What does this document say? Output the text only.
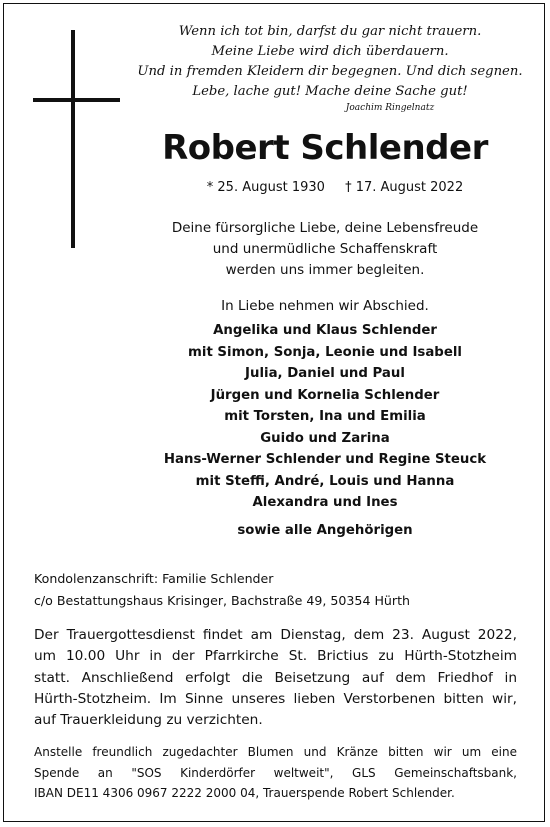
Wenn ich tot bin, darfst du gar nicht trauern.
Meine Liebe wird dich überdauern.
Und in fremden Kleidern dir begegnen. Und dich segnen.
Lebe, lache gut! Mache deine Sache gut!
Joachim Ringelnatz
Robert Schlender
* 25. August 1930 † 17. August 2022
Deine fürsorgliche Liebe, deine Lebensfreude
und unermüdliche Schaffenskraft
werden uns immer begleiten.
In Liebe nehmen wir Abschied.
Angelika und Klaus Schlender
mit Simon, Sonja, Leonie und Isabell
Julia, Daniel und Paul
Jürgen und Kornelia Schlender
mit Torsten, Ina und Emilia
Guido und Zarina
Hans-Werner Schlender und Regine Steuck
mit Steffi, André, Louis und Hanna
Alexandra und Ines
sowie alle Angehörigen
Kondolenzanschrift: Familie Schlender
c/o Bestattungshaus Krisinger, Bachstraße 49, 50354 Hürth
Der Trauergottesdienst findet am Dienstag, dem 23. August 2022,
um 10.00 Uhr in der Pfarrkirche St. Brictius zu Hürth-Stotzheim
statt. Anschließend erfolgt die Beisetzung auf dem Friedhof in
Hürth-Stotzheim. Im Sinne unseres lieben Verstorbenen bitten wir,
auf Trauerkleidung zu verzichten.
Anstelle freundlich zugedachter Blumen und Kränze bitten wir um eine
Spende an "SOS Kinderdörfer weltweit", GLS Gemeinschaftsbank,
IBAN DE11 4306 0967 2222 2000 04, Trauerspende Robert Schlender.
